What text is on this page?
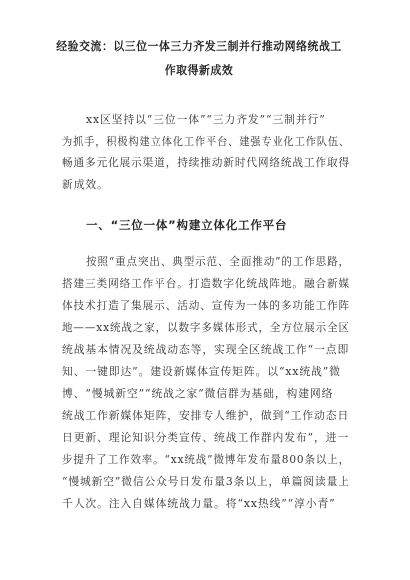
经验交流：以三位一体三力齐发三制并行推动网络统战工
作取得新成效
xx区坚持以“三位一体”“三力齐发”“三制并行”
为抓手，积极构建立体化工作平台、建强专业化工作队伍、
畅通多元化展示渠道，持续推动新时代网络统战工作取得
新成效。
一、“三位一体”构建立体化工作平台
按照“重点突出、典型示范、全面推动”的工作思路，
搭建三类网络工作平台。打造数字化统战阵地。融合新媒
体技术打造了集展示、活动、宣传为一体的多功能工作阵
地——xx统战之家，以数字多媒体形式，全方位展示全区
统战基本情况及统战动态等，实现全区统战工作“一点即
知、一键即达”。建设新媒体宣传矩阵。以“xx统战”微
博、“慢城新空”“统战之家”微信群为基础，构建网络
统战工作新媒体矩阵，安排专人维护，做到“工作动态日
日更新、理论知识分类宣传、统战工作群内发布”，进一
步提升了工作效率。“xx统战”微博年发布量800条以上，
“慢城新空”微信公众号日发布量3条以上，单篇阅读量上
千人次。注入自媒体统战力量。将“xx热线”“淳小青”
